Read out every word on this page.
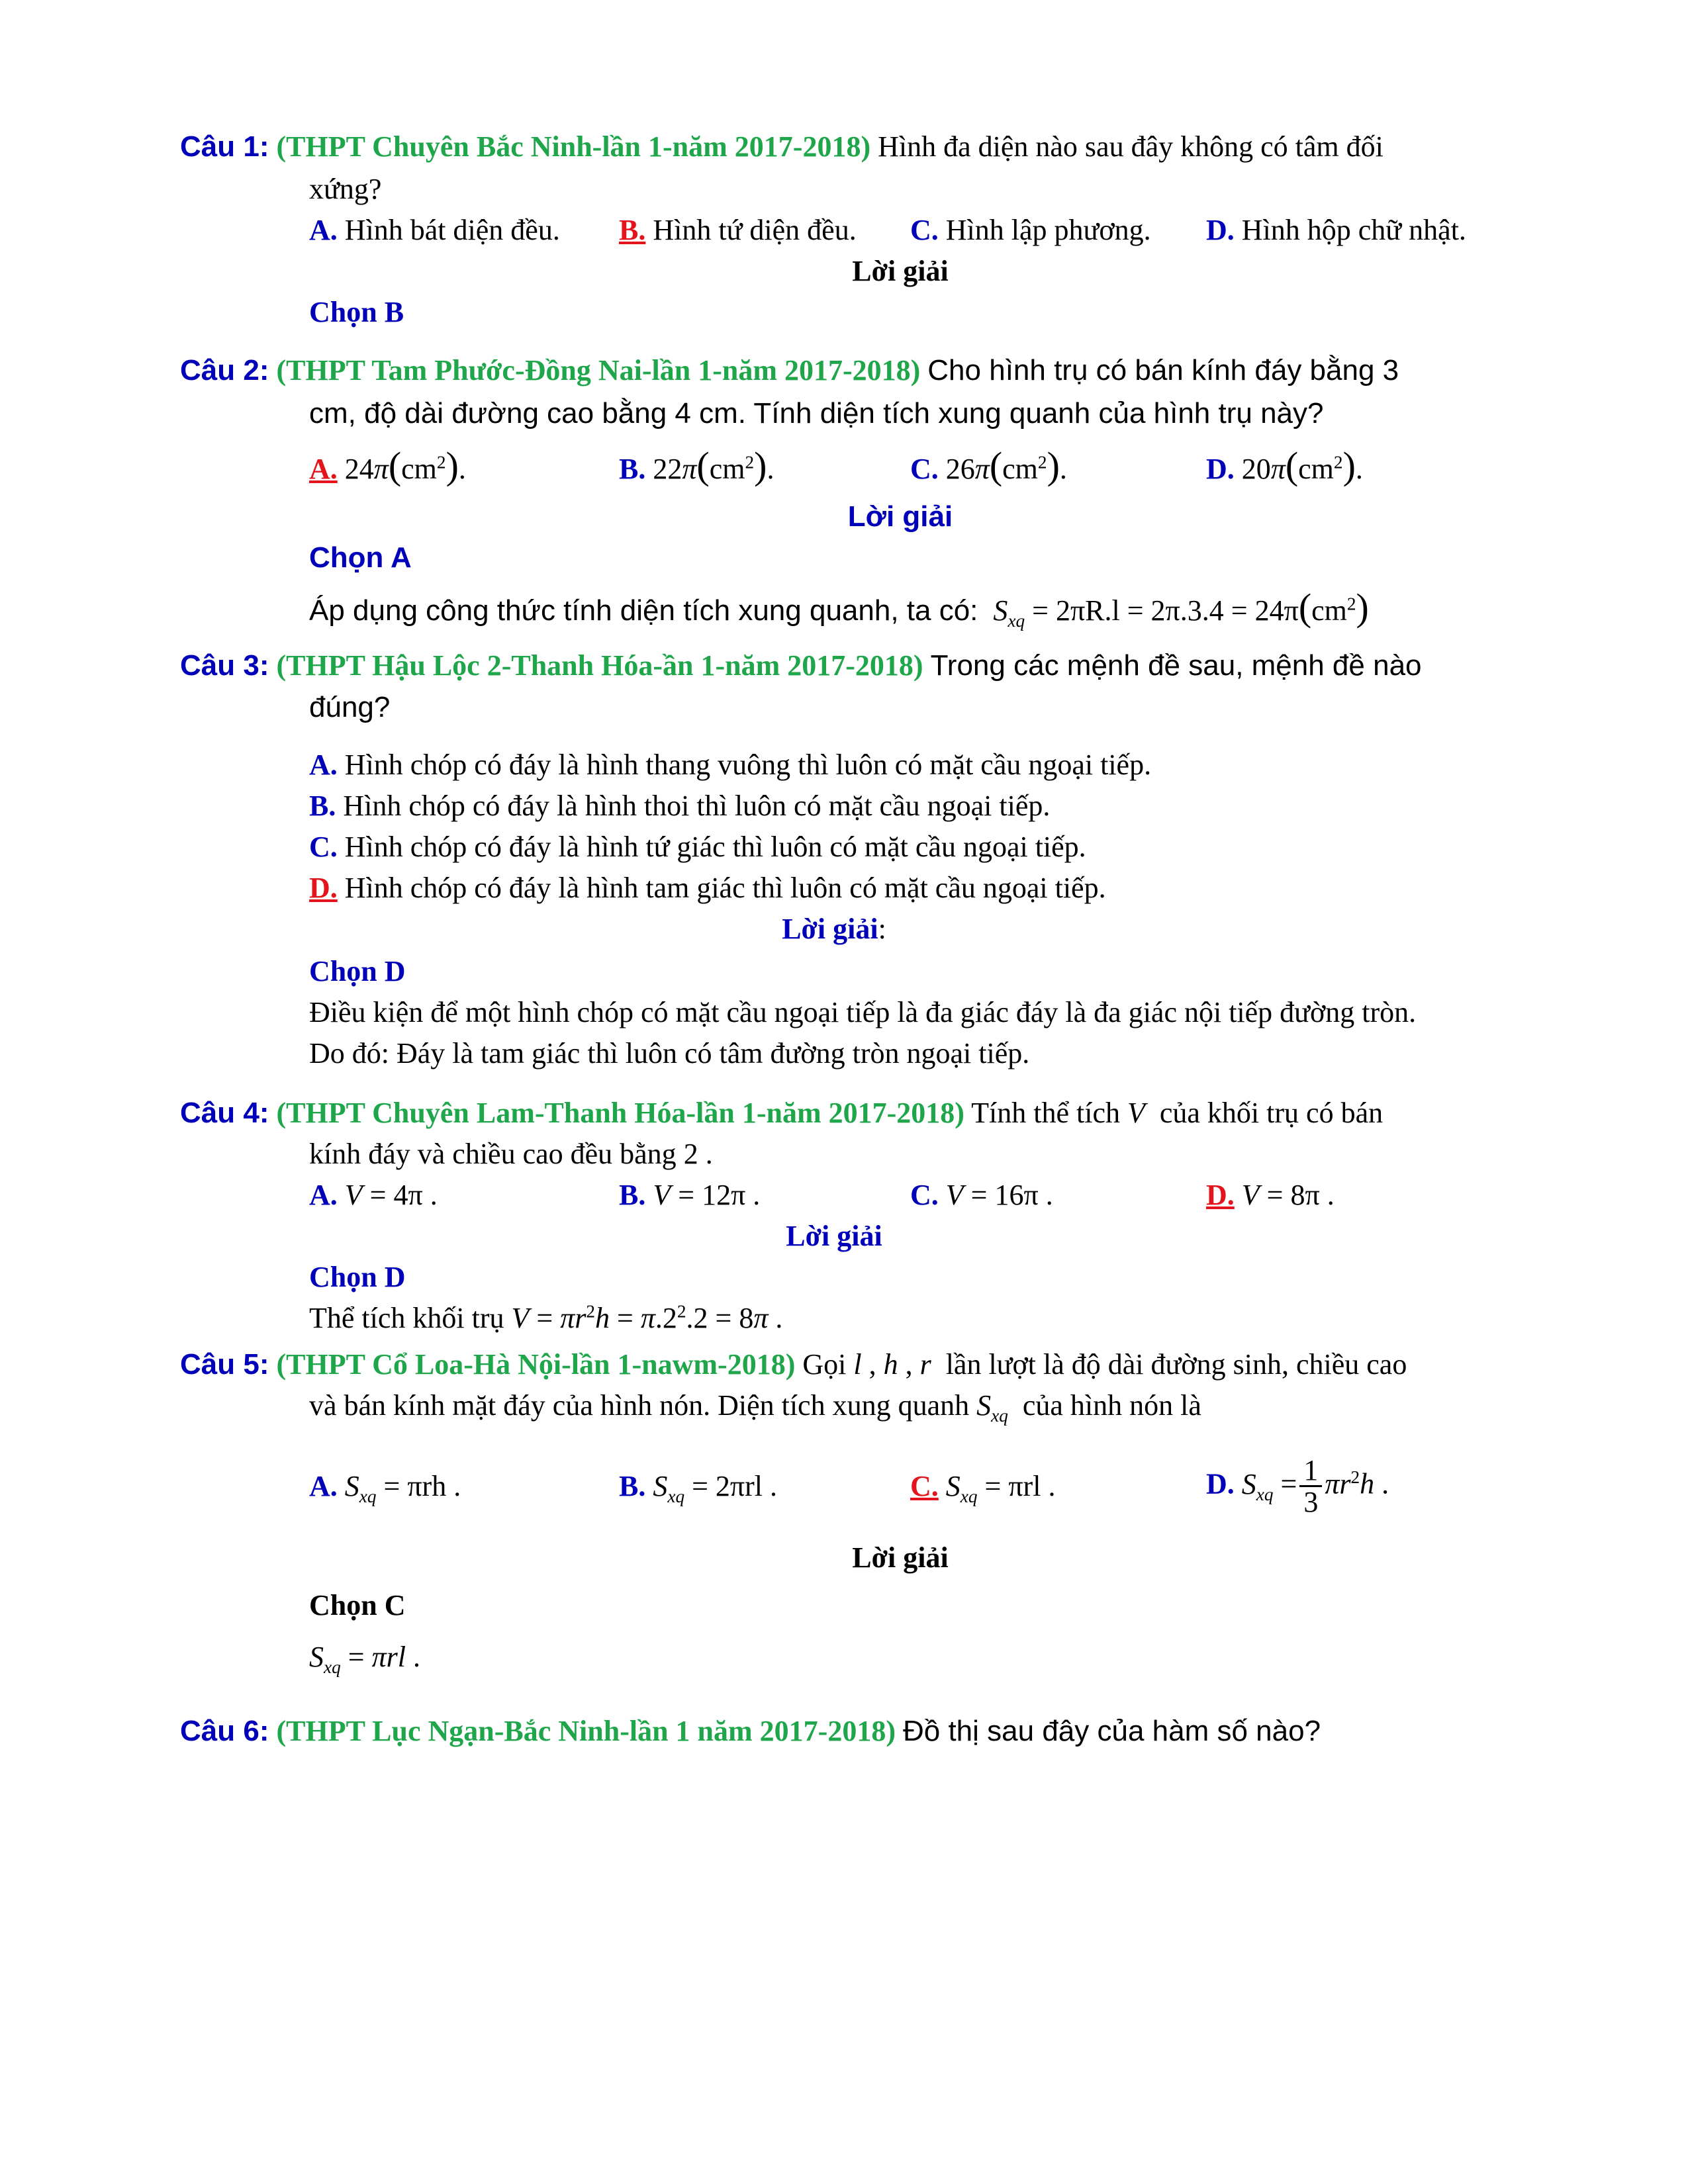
Câu 1: (THPT Chuyên Bắc Ninh-lần 1-năm 2017-2018) Hình đa diện nào sau đây không có tâm đối
xứng?
A. Hình bát diện đều. B. Hình tứ diện đều. C. Hình lập phương. D. Hình hộp chữ nhật.
Lời giải
Chọn B
Câu 2: (THPT Tam Phước-Đồng Nai-lần 1-năm 2017-2018) Cho hình trụ có bán kính đáy bằng 3
cm, độ dài đường cao bằng 4 cm. Tính diện tích xung quanh của hình trụ này?
A. $24\pi(cm^2)$.	B. $22\pi(cm^2)$.	C. $26\pi(cm^2)$.	D. $20\pi(cm^2)$.
Lời giải
Chọn A
Áp dụng công thức tính diện tích xung quanh, ta có: $S_{xq} = 2\pi R.l = 2\pi.3.4 = 24\pi(cm^2)$
Câu 3: (THPT Hậu Lộc 2-Thanh Hóa-ần 1-năm 2017-2018) Trong các mệnh đề sau, mệnh đề nào
đúng?
A. Hình chóp có đáy là hình thang vuông thì luôn có mặt cầu ngoại tiếp.
B. Hình chóp có đáy là hình thoi thì luôn có mặt cầu ngoại tiếp.
C. Hình chóp có đáy là hình tứ giác thì luôn có mặt cầu ngoại tiếp.
D. Hình chóp có đáy là hình tam giác thì luôn có mặt cầu ngoại tiếp.
Lời giải:
Chọn D
Điều kiện để một hình chóp có mặt cầu ngoại tiếp là đa giác đáy là đa giác nội tiếp đường tròn.
Do đó: Đáy là tam giác thì luôn có tâm đường tròn ngoại tiếp.
Câu 4: (THPT Chuyên Lam-Thanh Hóa-lần 1-năm 2017-2018) Tính thể tích V của khối trụ có bán
kính đáy và chiều cao đều bằng 2 .
A. V = 4π .	B. V = 12π .	C. V = 16π .	D. V = 8π .
Lời giải
Chọn D
Thể tích khối trụ $V = \pi r^2h = \pi.2^2.2 = 8\pi$ .
Câu 5: (THPT Cổ Loa-Hà Nội-lần 1-nawm-2018) Gọi l , h , r lần lượt là độ dài đường sinh, chiều cao
và bán kính mặt đáy của hình nón. Diện tích xung quanh $S_{xq}$ của hình nón là
A. $S_{xq} = \pi rh$ .	B. $S_{xq} = 2\pi rl$ .	C. $S_{xq} = \pi rl$ .	D. $S_{xq} = \frac{1}{3} \pi r^2h$ .
Lời giải
Chọn C
$S_{xq} = \pi rl$ .
Câu 6: (THPT Lục Ngạn-Bắc Ninh-lần 1 năm 2017-2018) Đồ thị sau đây của hàm số nào?
